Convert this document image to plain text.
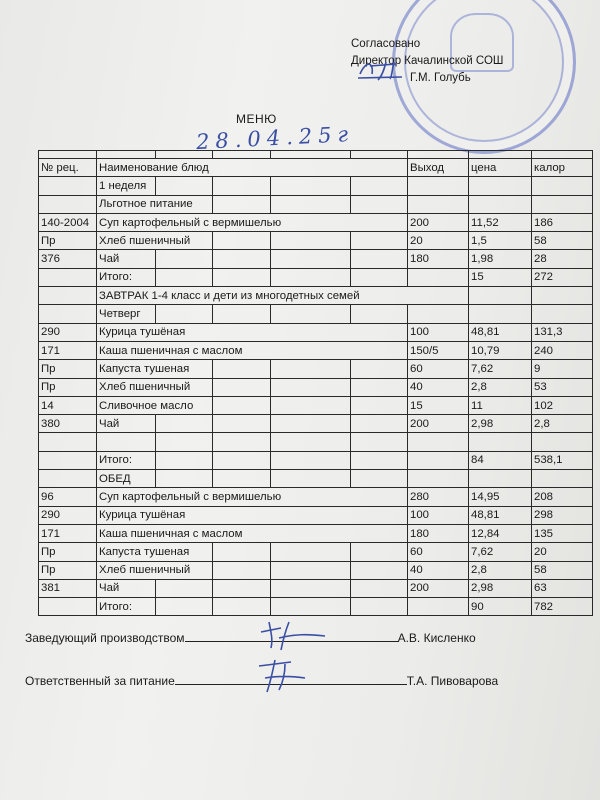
Согласовано
Директор Качалинской СОШ
Г.М. Голубь
МЕНЮ
28.04.25г

№ рец.	Наименование блюд					Выход	цена	калор
	1 неделя							
	Льготное питание							
140-2004	Суп картофельный с вермишелью					200	11,52	186
Пр	Хлеб пшеничный					20	1,5	58
376	Чай					180	1,98	28
	Итого:						15	272
	ЗАВТРАК 1-4 класс и дети из многодетных семей							
	Четверг							
290	Курица тушёная					100	48,81	131,3
171	Каша пшеничная с маслом					150/5	10,79	240
Пр	Капуста тушеная					60	7,62	9
Пр	Хлеб пшеничный					40	2,8	53
14	Сливочное масло					15	11	102
380	Чай					200	2,98	2,8

	Итого:						84	538,1
	ОБЕД							
96	Суп картофельный с вермишелью					280	14,95	208
290	Курица тушёная					100	48,81	298
171	Каша пшеничная с маслом					180	12,84	135
Пр	Капуста тушеная					60	7,62	20
Пр	Хлеб пшеничный					40	2,8	58
381	Чай					200	2,98	63
	Итого:						90	782
Заведующий производством	А.В. Кисленко
Ответственный за питание	Т.А. Пивоварова
